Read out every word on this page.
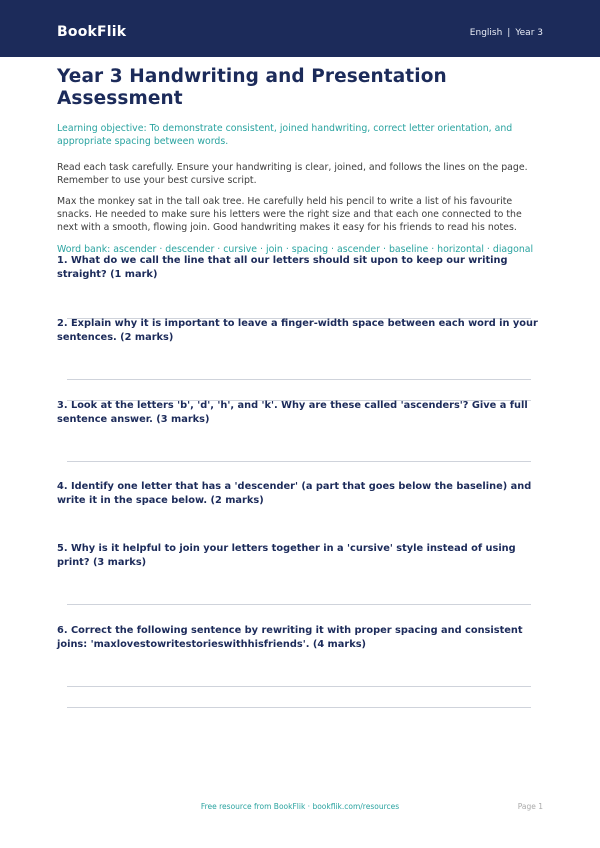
BookFlik	English | Year 3
Year 3 Handwriting and Presentation Assessment
Learning objective: To demonstrate consistent, joined handwriting, correct letter orientation, and appropriate spacing between words.

Read each task carefully. Ensure your handwriting is clear, joined, and follows the lines on the page. Remember to use your best cursive script.

Max the monkey sat in the tall oak tree. He carefully held his pencil to write a list of his favourite snacks. He needed to make sure his letters were the right size and that each one connected to the next with a smooth, flowing join. Good handwriting makes it easy for his friends to read his notes.

Word bank: ascender · descender · cursive · join · spacing · ascender · baseline · horizontal · diagonal
1. What do we call the line that all our letters should sit upon to keep our writing straight? (1 mark)
2. Explain why it is important to leave a finger-width space between each word in your sentences. (2 marks)
3. Look at the letters 'b', 'd', 'h', and 'k'. Why are these called 'ascenders'? Give a full sentence answer. (3 marks)
4. Identify one letter that has a 'descender' (a part that goes below the baseline) and write it in the space below. (2 marks)
5. Why is it helpful to join your letters together in a 'cursive' style instead of using print? (3 marks)
6. Correct the following sentence by rewriting it with proper spacing and consistent joins: 'maxlovestowritestorieswithhisfriends'. (4 marks)
Free resource from BookFlik · bookflik.com/resources	Page 1
